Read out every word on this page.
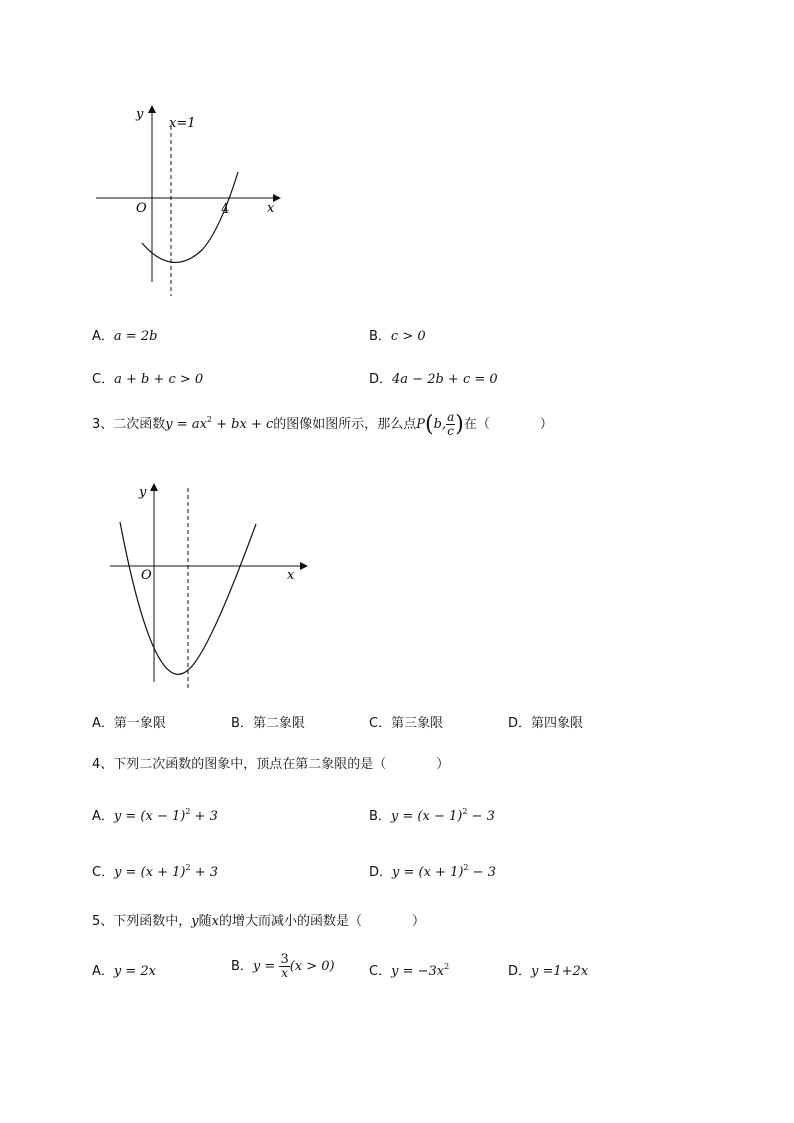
y
x
O
x=1
4
A．a = 2b	B．c > 0
C．a + b + c > 0	D．4a − 2b + c = 0
3、二次函数$y = ax^2$ + bx + c的图像如图所示，那么点P(b, $\frac{a}{c}$ )在（	）
y
x
O
A．第一象限	B．第二象限	C．第三象限	D．第四象限
4、下列二次函数的图象中，顶点在第二象限的是（	）
A．$y = (x - 1)^2 + 3$	B．$y = (x - 1)^2 - 3$
C．$y = (x + 1)^2 + 3$	D．$y = (x + 1)^2 - 3$
5、下列函数中，y随x的增大而减小的函数是（	）
A．y = 2x	B．$y = \frac{3}{x} (x > 0)$	C．$y = -3x^2$	D．y =1+2x
